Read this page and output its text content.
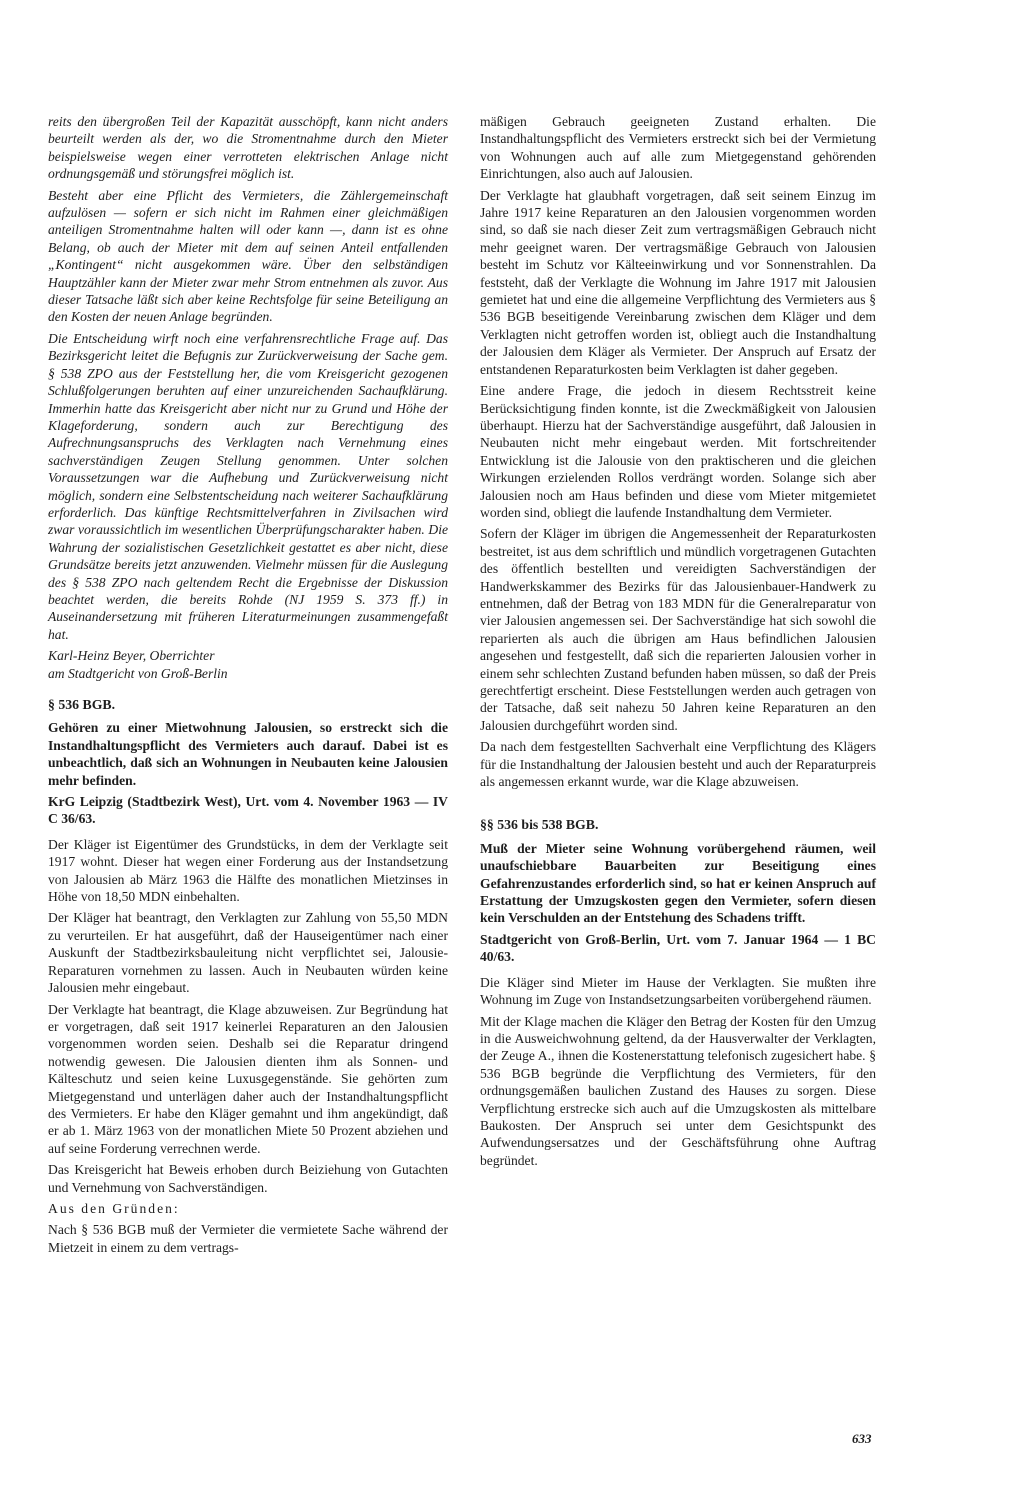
reits den übergroßen Teil der Kapazität ausschöpft, kann nicht anders beurteilt werden als der, wo die Stromentnahme durch den Mieter beispielsweise wegen einer verrotteten elektrischen Anlage nicht ordnungsgemäß und störungsfrei möglich ist.

Besteht aber eine Pflicht des Vermieters, die Zählergemeinschaft aufzulösen — sofern er sich nicht im Rahmen einer gleichmäßigen anteiligen Stromentnahme halten will oder kann —, dann ist es ohne Belang, ob auch der Mieter mit dem auf seinen Anteil entfallenden „Kontingent“ nicht ausgekommen wäre. Über den selbständigen Hauptzähler kann der Mieter zwar mehr Strom entnehmen als zuvor. Aus dieser Tatsache läßt sich aber keine Rechtsfolge für seine Beteiligung an den Kosten der neuen Anlage begründen.

Die Entscheidung wirft noch eine verfahrensrechtliche Frage auf. Das Bezirksgericht leitet die Befugnis zur Zurückverweisung der Sache gem. § 538 ZPO aus der Feststellung her, die vom Kreisgericht gezogenen Schlußfolgerungen beruhten auf einer unzureichenden Sachaufklärung. Immerhin hatte das Kreisgericht aber nicht nur zu Grund und Höhe der Klageforderung, sondern auch zur Berechtigung des Aufrechnungsanspruchs des Verklagten nach Vernehmung eines sachverständigen Zeugen Stellung genommen. Unter solchen Voraussetzungen war die Aufhebung und Zurückverweisung nicht möglich, sondern eine Selbstentscheidung nach weiterer Sachaufklärung erforderlich. Das künftige Rechtsmittelverfahren in Zivilsachen wird zwar voraussichtlich im wesentlichen Überprüfungscharakter haben. Die Wahrung der sozialistischen Gesetzlichkeit gestattet es aber nicht, diese Grundsätze bereits jetzt anzuwenden. Vielmehr müssen für die Auslegung des § 538 ZPO nach geltendem Recht die Ergebnisse der Diskussion beachtet werden, die bereits Rohde (NJ 1959 S. 373 ff.) in Auseinandersetzung mit früheren Literaturmeinungen zusammengefaßt hat.

Karl-Heinz Beyer, Oberrichter
am Stadtgericht von Groß-Berlin

§ 536 BGB.

Gehören zu einer Mietwohnung Jalousien, so erstreckt sich die Instandhaltungspflicht des Vermieters auch darauf. Dabei ist es unbeachtlich, daß sich an Wohnungen in Neubauten keine Jalousien mehr befinden.

KrG Leipzig (Stadtbezirk West), Urt. vom 4. November 1963 — IV C 36/63.

Der Kläger ist Eigentümer des Grundstücks, in dem der Verklagte seit 1917 wohnt. Dieser hat wegen einer Forderung aus der Instandsetzung von Jalousien ab März 1963 die Hälfte des monatlichen Mietzinses in Höhe von 18,50 MDN einbehalten.

Der Kläger hat beantragt, den Verklagten zur Zahlung von 55,50 MDN zu verurteilen. Er hat ausgeführt, daß der Hauseigentümer nach einer Auskunft der Stadtbezirksbauleitung nicht verpflichtet sei, Jalousie-Reparaturen vornehmen zu lassen. Auch in Neubauten würden keine Jalousien mehr eingebaut.

Der Verklagte hat beantragt, die Klage abzuweisen. Zur Begründung hat er vorgetragen, daß seit 1917 keinerlei Reparaturen an den Jalousien vorgenommen worden seien. Deshalb sei die Reparatur dringend notwendig gewesen. Die Jalousien dienten ihm als Sonnen- und Kälteschutz und seien keine Luxusgegenstände. Sie gehörten zum Mietgegenstand und unterlägen daher auch der Instandhaltungspflicht des Vermieters. Er habe den Kläger gemahnt und ihm angekündigt, daß er ab 1. März 1963 von der monatlichen Miete 50 Prozent abziehen und auf seine Forderung verrechnen werde.

Das Kreisgericht hat Beweis erhoben durch Beiziehung von Gutachten und Vernehmung von Sachverständigen.

Aus den Gründen:

Nach § 536 BGB muß der Vermieter die vermietete Sache während der Mietzeit in einem zu dem vertrags-

mäßigen Gebrauch geeigneten Zustand erhalten. Die Instandhaltungspflicht des Vermieters erstreckt sich bei der Vermietung von Wohnungen auch auf alle zum Mietgegenstand gehörenden Einrichtungen, also auch auf Jalousien.

Der Verklagte hat glaubhaft vorgetragen, daß seit seinem Einzug im Jahre 1917 keine Reparaturen an den Jalousien vorgenommen worden sind, so daß sie nach dieser Zeit zum vertragsmäßigen Gebrauch nicht mehr geeignet waren. Der vertragsmäßige Gebrauch von Jalousien besteht im Schutz vor Kälteeinwirkung und vor Sonnenstrahlen. Da feststeht, daß der Verklagte die Wohnung im Jahre 1917 mit Jalousien gemietet hat und eine die allgemeine Verpflichtung des Vermieters aus § 536 BGB beseitigende Vereinbarung zwischen dem Kläger und dem Verklagten nicht getroffen worden ist, obliegt auch die Instandhaltung der Jalousien dem Kläger als Vermieter. Der Anspruch auf Ersatz der entstandenen Reparaturkosten beim Verklagten ist daher gegeben.

Eine andere Frage, die jedoch in diesem Rechtsstreit keine Berücksichtigung finden konnte, ist die Zweckmäßigkeit von Jalousien überhaupt. Hierzu hat der Sachverständige ausgeführt, daß Jalousien in Neubauten nicht mehr eingebaut werden. Mit fortschreitender Entwicklung ist die Jalousie von den praktischeren und die gleichen Wirkungen erzielenden Rollos verdrängt worden. Solange sich aber Jalousien noch am Haus befinden und diese vom Mieter mitgemietet worden sind, obliegt die laufende Instandhaltung dem Vermieter.

Sofern der Kläger im übrigen die Angemessenheit der Reparaturkosten bestreitet, ist aus dem schriftlich und mündlich vorgetragenen Gutachten des öffentlich bestellten und vereidigten Sachverständigen der Handwerkskammer des Bezirks für das Jalousienbauer-Handwerk zu entnehmen, daß der Betrag von 183 MDN für die Generalreparatur von vier Jalousien angemessen sei. Der Sachverständige hat sich sowohl die reparierten als auch die übrigen am Haus befindlichen Jalousien angesehen und festgestellt, daß sich die reparierten Jalousien vorher in einem sehr schlechten Zustand befunden haben müssen, so daß der Preis gerechtfertigt erscheint. Diese Feststellungen werden auch getragen von der Tatsache, daß seit nahezu 50 Jahren keine Reparaturen an den Jalousien durchgeführt worden sind.

Da nach dem festgestellten Sachverhalt eine Verpflichtung des Klägers für die Instandhaltung der Jalousien besteht und auch der Reparaturpreis als angemessen erkannt wurde, war die Klage abzuweisen.

§§ 536 bis 538 BGB.

Muß der Mieter seine Wohnung vorübergehend räumen, weil unaufschiebbare Bauarbeiten zur Beseitigung eines Gefahrenzustandes erforderlich sind, so hat er keinen Anspruch auf Erstattung der Umzugskosten gegen den Vermieter, sofern diesen kein Verschulden an der Entstehung des Schadens trifft.

Stadtgericht von Groß-Berlin, Urt. vom 7. Januar 1964 — 1 BC 40/63.

Die Kläger sind Mieter im Hause der Verklagten. Sie mußten ihre Wohnung im Zuge von Instandsetzungsarbeiten vorübergehend räumen.

Mit der Klage machen die Kläger den Betrag der Kosten für den Umzug in die Ausweichwohnung geltend, da der Hausverwalter der Verklagten, der Zeuge A., ihnen die Kostenerstattung telefonisch zugesichert habe. § 536 BGB begründe die Verpflichtung des Vermieters, für den ordnungsgemäßen baulichen Zustand des Hauses zu sorgen. Diese Verpflichtung erstrecke sich auch auf die Umzugskosten als mittelbare Baukosten. Der Anspruch sei unter dem Gesichtspunkt des Aufwendungsersatzes und der Geschäftsführung ohne Auftrag begründet.

633
